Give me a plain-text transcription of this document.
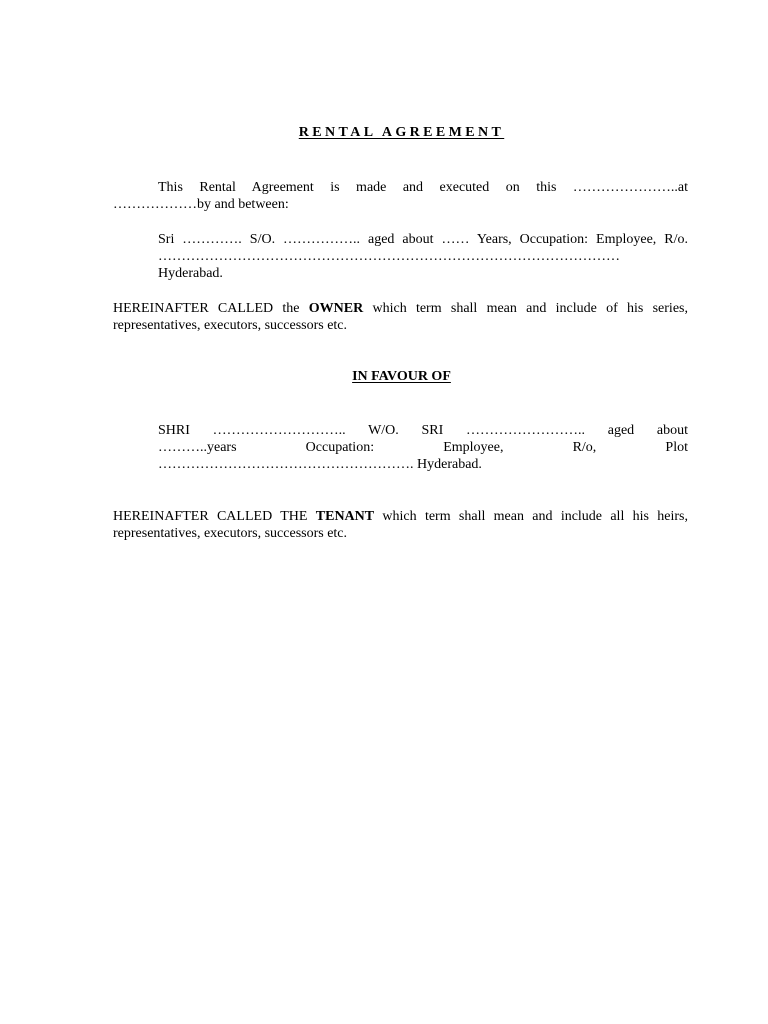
RENTAL AGREEMENT
This Rental Agreement is made and executed on this …………………..at
………………by and between:
Sri …………. S/O. …………….. aged about …… Years, Occupation: Employee, R/o.
………………………………………………………………………………………
Hyderabad.
HEREINAFTER CALLED the OWNER which term shall mean and include of his series,
representatives, executors, successors etc.
IN FAVOUR OF
SHRI ……………………….. W/O. SRI …………………….. aged about
………..years Occupation: Employee, R/o, Plot
………………………………………………. Hyderabad.
HEREINAFTER CALLED THE TENANT which term shall mean and include all his heirs,
representatives, executors, successors etc.
